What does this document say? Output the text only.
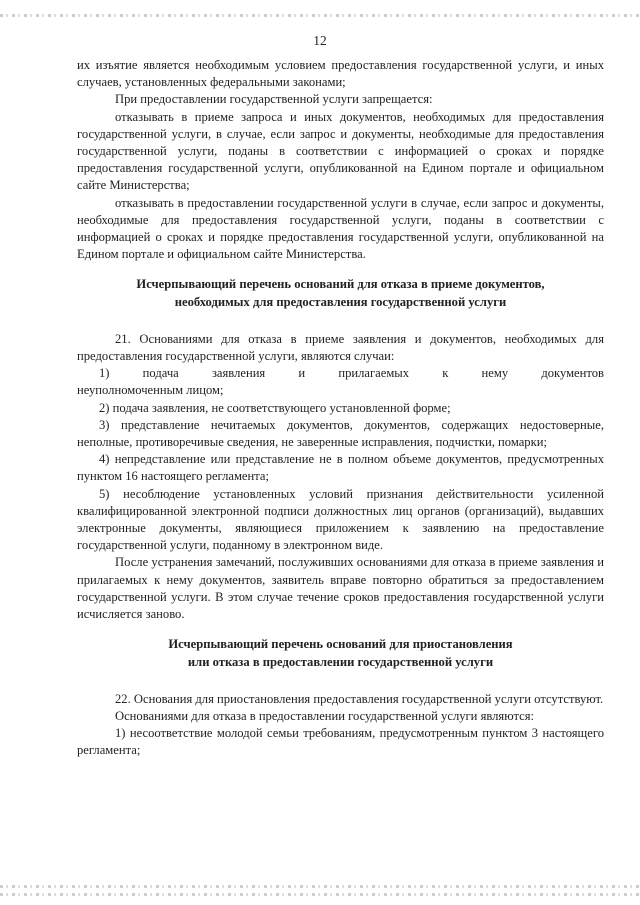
12

их изъятие является необходимым условием предоставления государственной услуги, и иных случаев, установленных федеральными законами;

При предоставлении государственной услуги запрещается:

отказывать в приеме запроса и иных документов, необходимых для предоставления государственной услуги, в случае, если запрос и документы, необходимые для предоставления государственной услуги, поданы в соответствии с информацией о сроках и порядке предоставления государственной услуги, опубликованной на Едином портале и официальном сайте Министерства;

отказывать в предоставлении государственной услуги в случае, если запрос и документы, необходимые для предоставления государственной услуги, поданы в соответствии с информацией о сроках и порядке предоставления государственной услуги, опубликованной на Едином портале и официальном сайте Министерства.

Исчерпывающий перечень оснований для отказа в приеме документов,
необходимых для предоставления государственной услуги

21. Основаниями для отказа в приеме заявления и документов, необходимых для предоставления государственной услуги, являются случаи:

1)	подача	заявления	и	прилагаемых	к	нему	документов

неуполномоченным лицом;

2) подача заявления, не соответствующего установленной форме;

3) представление нечитаемых документов, документов, содержащих недостоверные, неполные, противоречивые сведения, не заверенные исправления, подчистки, помарки;

4) непредставление или представление не в полном объеме документов, предусмотренных пунктом 16 настоящего регламента;

5) несоблюдение установленных условий признания действительности усиленной квалифицированной электронной подписи должностных лиц органов (организаций), выдавших электронные документы, являющиеся приложением к заявлению на предоставление государственной услуги, поданному в электронном виде.

После устранения замечаний, послуживших основаниями для отказа в приеме заявления и прилагаемых к нему документов, заявитель вправе повторно обратиться за предоставлением государственной услуги. В этом случае течение сроков предоставления государственной услуги исчисляется заново.

Исчерпывающий перечень оснований для приостановления
или отказа в предоставлении государственной услуги

22. Основания для приостановления предоставления государственной услуги отсутствуют.

Основаниями для отказа в предоставлении государственной услуги являются:

1) несоответствие молодой семьи требованиям, предусмотренным пунктом 3 настоящего регламента;
